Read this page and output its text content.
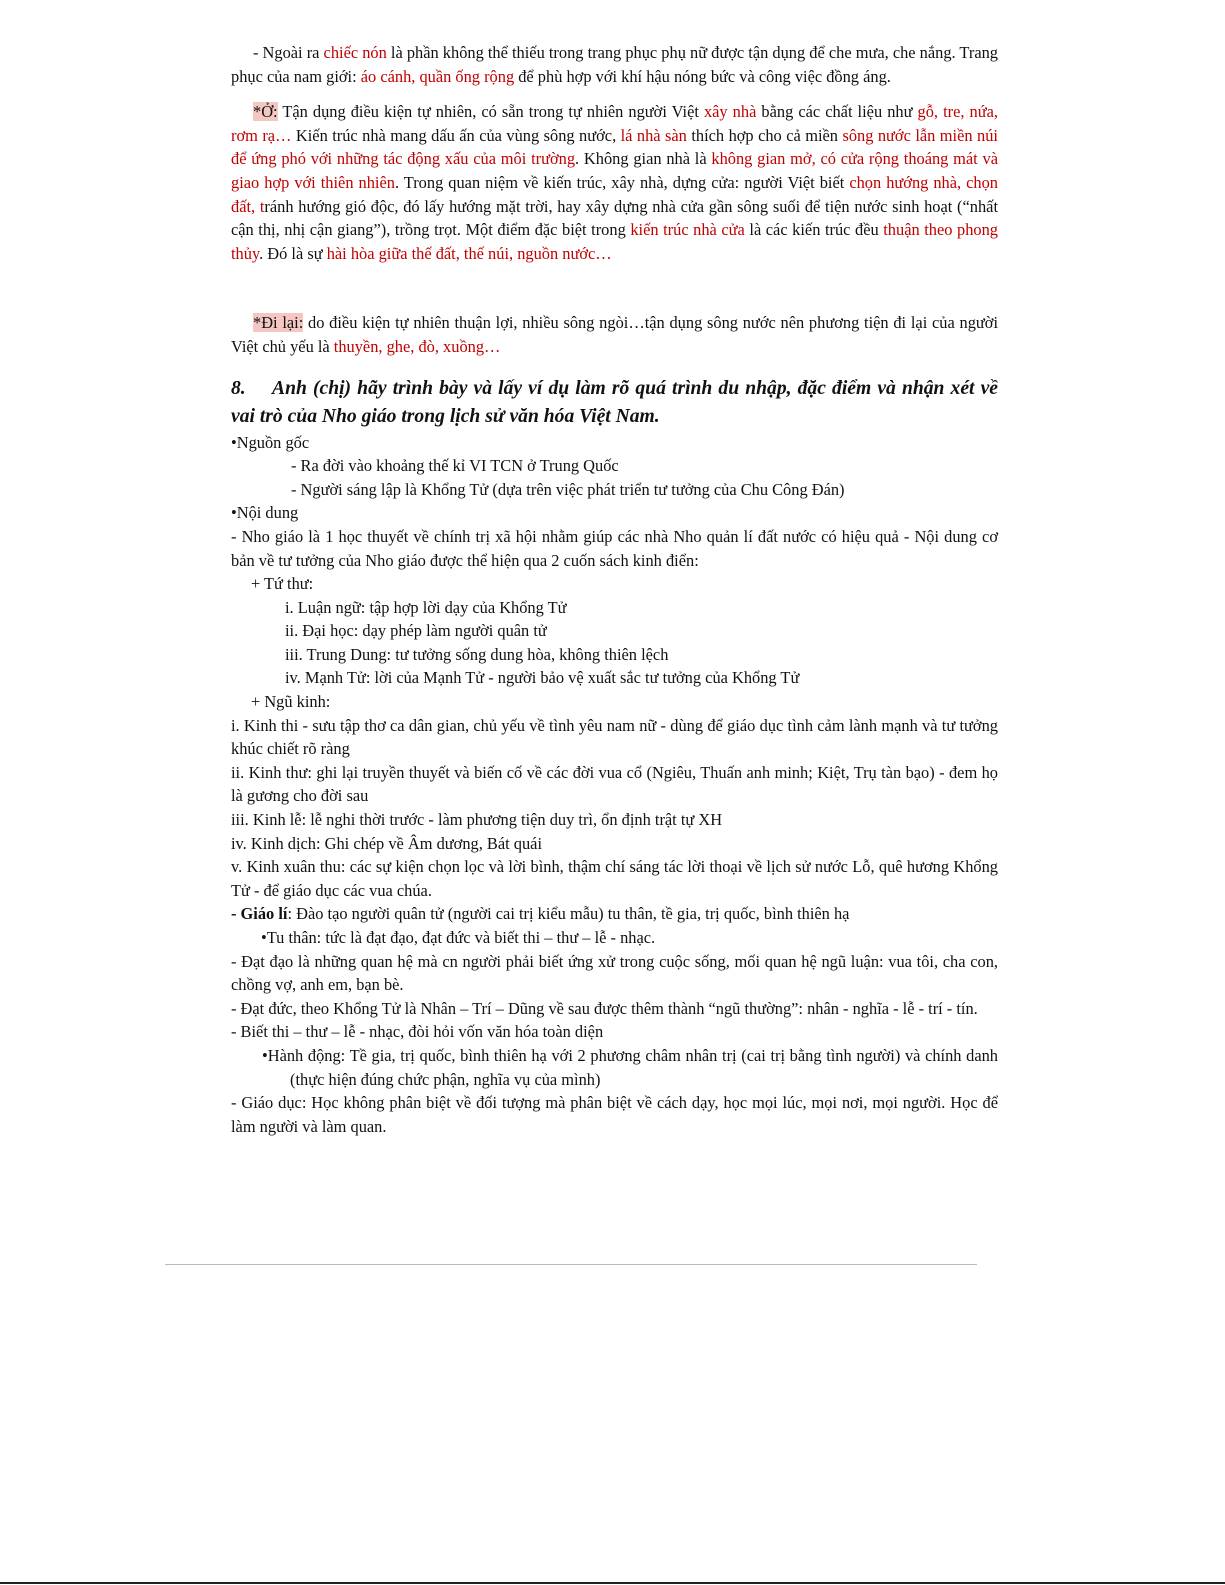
- Ngoài ra chiếc nón là phần không thể thiếu trong trang phục phụ nữ được tận dụng để che mưa, che nắng. Trang phục của nam giới: áo cánh, quần ống rộng để phù hợp với khí hậu nóng bức và công việc đồng áng.

*Ở: Tận dụng điều kiện tự nhiên, có sẵn trong tự nhiên người Việt xây nhà bằng các chất liệu như gỗ, tre, nứa, rơm rạ… Kiến trúc nhà mang dấu ấn của vùng sông nước, lá nhà sàn thích hợp cho cả miền sông nước lẫn miền núi để ứng phó với những tác động xấu của môi trường. Không gian nhà là không gian mở, có cửa rộng thoáng mát và giao hợp với thiên nhiên. Trong quan niệm về kiến trúc, xây nhà, dựng cửa: người Việt biết chọn hướng nhà, chọn đất, tránh hướng gió độc, đó lấy hướng mặt trời, hay xây dựng nhà cửa gần sông suối để tiện nước sinh hoạt (“nhất cận thị, nhị cận giang”), trồng trọt. Một điểm đặc biệt trong kiến trúc nhà cửa là các kiến trúc đều thuận theo phong thủy. Đó là sự hài hòa giữa thế đất, thế núi, nguồn nước…

*Đi lại: do điều kiện tự nhiên thuận lợi, nhiều sông ngòi…tận dụng sông nước nên phương tiện đi lại của người Việt chủ yếu là thuyền, ghe, đò, xuồng…

8. Anh (chị) hãy trình bày và lấy ví dụ làm rõ quá trình du nhập, đặc điểm và nhận xét về vai trò của Nho giáo trong lịch sử văn hóa Việt Nam.

•Nguồn gốc

- Ra đời vào khoảng thế kỉ VI TCN ở Trung Quốc

- Người sáng lập là Khổng Tử (dựa trên việc phát triển tư tưởng của Chu Công Đán)

•Nội dung

- Nho giáo là 1 học thuyết về chính trị xã hội nhằm giúp các nhà Nho quản lí đất nước có hiệu quả - Nội dung cơ bản về tư tưởng của Nho giáo được thể hiện qua 2 cuốn sách kinh điển:

+ Tứ thư:

i. Luận ngữ: tập hợp lời dạy của Khổng Tử

ii. Đại học: dạy phép làm người quân tử

iii. Trung Dung: tư tưởng sống dung hòa, không thiên lệch

iv. Mạnh Tử: lời của Mạnh Tử - người bảo vệ xuất sắc tư tưởng của Khổng Tử

+ Ngũ kinh:

i. Kinh thi - sưu tập thơ ca dân gian, chủ yếu về tình yêu nam nữ - dùng để giáo dục tình cảm lành mạnh và tư tưởng khúc chiết rõ ràng

ii. Kinh thư: ghi lại truyền thuyết và biến cố về các đời vua cổ (Ngiêu, Thuấn anh minh; Kiệt, Trụ tàn bạo) - đem họ là gương cho đời sau

iii. Kinh lễ: lễ nghi thời trước - làm phương tiện duy trì, ổn định trật tự XH

iv. Kinh dịch: Ghi chép về Âm dương, Bát quái

v. Kinh xuân thu: các sự kiện chọn lọc và lời bình, thậm chí sáng tác lời thoại về lịch sử nước Lỗ, quê hương Khổng Tử - để giáo dục các vua chúa.

- Giáo lí: Đào tạo người quân tử (người cai trị kiểu mẫu) tu thân, tề gia, trị quốc, bình thiên hạ

•Tu thân: tức là đạt đạo, đạt đức và biết thi – thư – lễ - nhạc.

- Đạt đạo là những quan hệ mà cn người phải biết ứng xử trong cuộc sống, mối quan hệ ngũ luận: vua tôi, cha con, chồng vợ, anh em, bạn bè.

- Đạt đức, theo Khổng Tử là Nhân – Trí – Dũng về sau được thêm thành “ngũ thường”: nhân - nghĩa - lễ - trí - tín.

- Biết thi – thư – lễ - nhạc, đòi hỏi vốn văn hóa toàn diện

•Hành động: Tề gia, trị quốc, bình thiên hạ với 2 phương châm nhân trị (cai trị bằng tình người) và chính danh (thực hiện đúng chức phận, nghĩa vụ của mình)

- Giáo dục: Học không phân biệt về đối tượng mà phân biệt về cách dạy, học mọi lúc, mọi nơi, mọi người. Học để làm người và làm quan.
